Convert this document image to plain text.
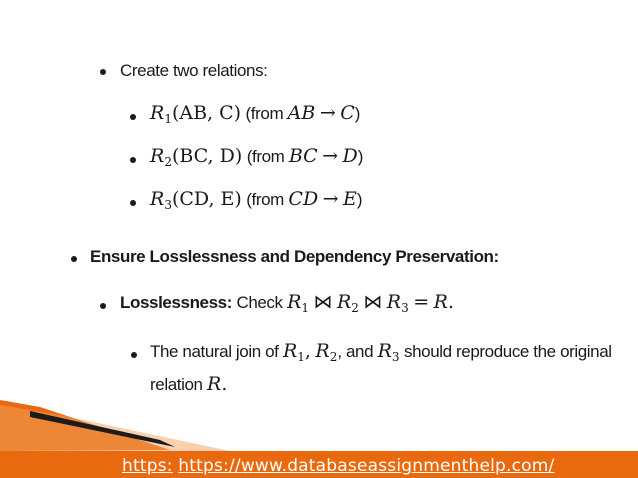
Create two relations:
$R_1(AB$, C) (from AB → C)
$R_2(BC$, D) (from BC → D)
$R_3(CD$, E) (from CD → E)
Ensure Losslessness and Dependency Preservation:
Losslessness: Check $R_1$ ⋈ $R_2$ ⋈ $R_3 = R$.
The natural join of $R_1$, $R_2$, and $R_3$ should reproduce the original
relation R.
https: https://www.databaseassignmenthelp.com/
